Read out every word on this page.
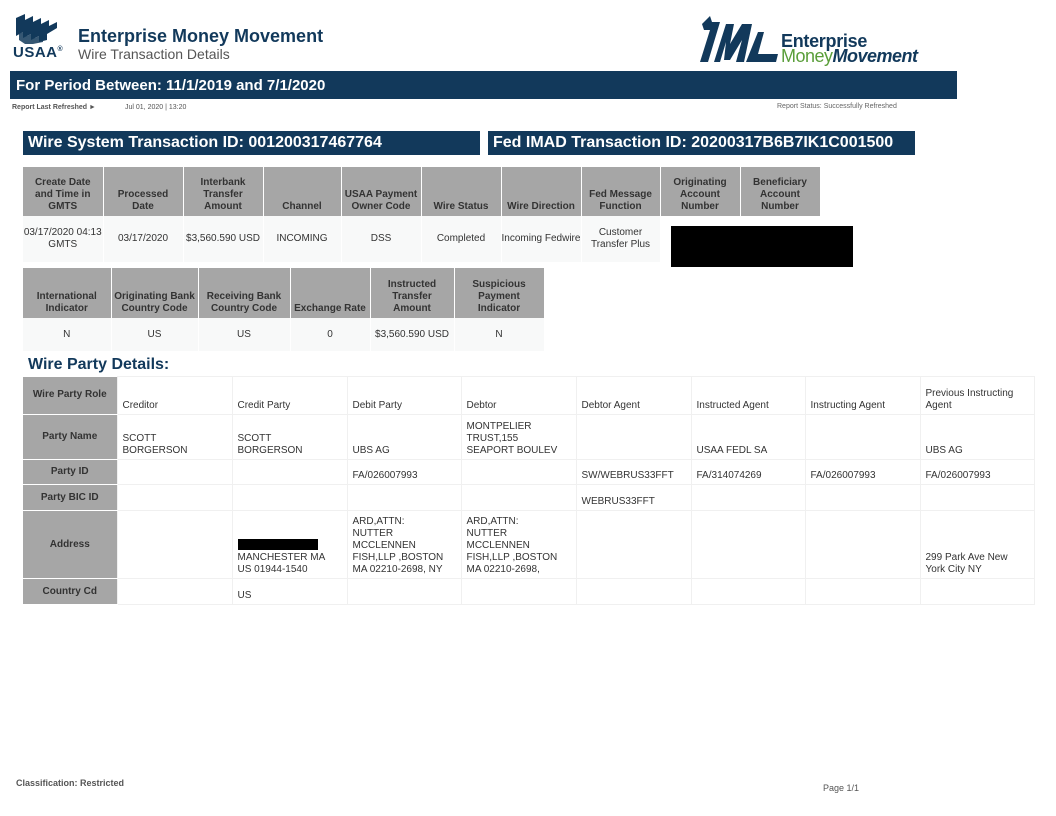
USAA®
Enterprise Money Movement
Wire Transaction Details
Enterprise
MoneyMovement
For Period Between: 11/1/2019 and 7/1/2020
Report Last Refreshed ►	Jul 01, 2020 | 13:20	Report Status: Successfully Refreshed
Wire System Transaction ID: 001200317467764	Fed IMAD Transaction ID: 20200317B6B7IK1C001500
Create Date and Time in GMTS	Processed Date	Interbank Transfer Amount	Channel	USAA Payment Owner Code	Wire Status	Wire Direction	Fed Message Function	Originating Account Number	Beneficiary Account Number
03/17/2020 04:13 GMTS	03/17/2020	$3,560.590 USD	INCOMING	DSS	Completed	Incoming Fedwire	Customer Transfer Plus		
International Indicator	Originating Bank Country Code	Receiving Bank Country Code	Exchange Rate	Instructed Transfer Amount	Suspicious Payment Indicator
N	US	US	0	$3,560.590 USD	N
Wire Party Details:
Wire Party Role	Creditor	Credit Party	Debit Party	Debtor	Debtor Agent	Instructed Agent	Instructing Agent	Previous Instructing Agent
Party Name	SCOTT
BORGERSON	SCOTT
BORGERSON	UBS AG	MONTPELIER
TRUST,155
SEAPORT BOULEV		USAA FEDL SA		UBS AG

Party ID			FA/026007993		SW/WEBRUS33FFT	FA/314074269	FA/026007993	FA/026007993

Party BIC ID					WEBRUS33FFT			

Address		MANCHESTER MA
US 01944-1540	ARD,ATTN:
NUTTER
MCCLENNEN
FISH,LLP ,BOSTON
MA 02210-2698, NY	ARD,ATTN:
NUTTER
MCCLENNEN
FISH,LLP ,BOSTON
MA 02210-2698,				299 Park Ave New
York City NY

Country Cd		US						

Classification: Restricted	Page 1/1
